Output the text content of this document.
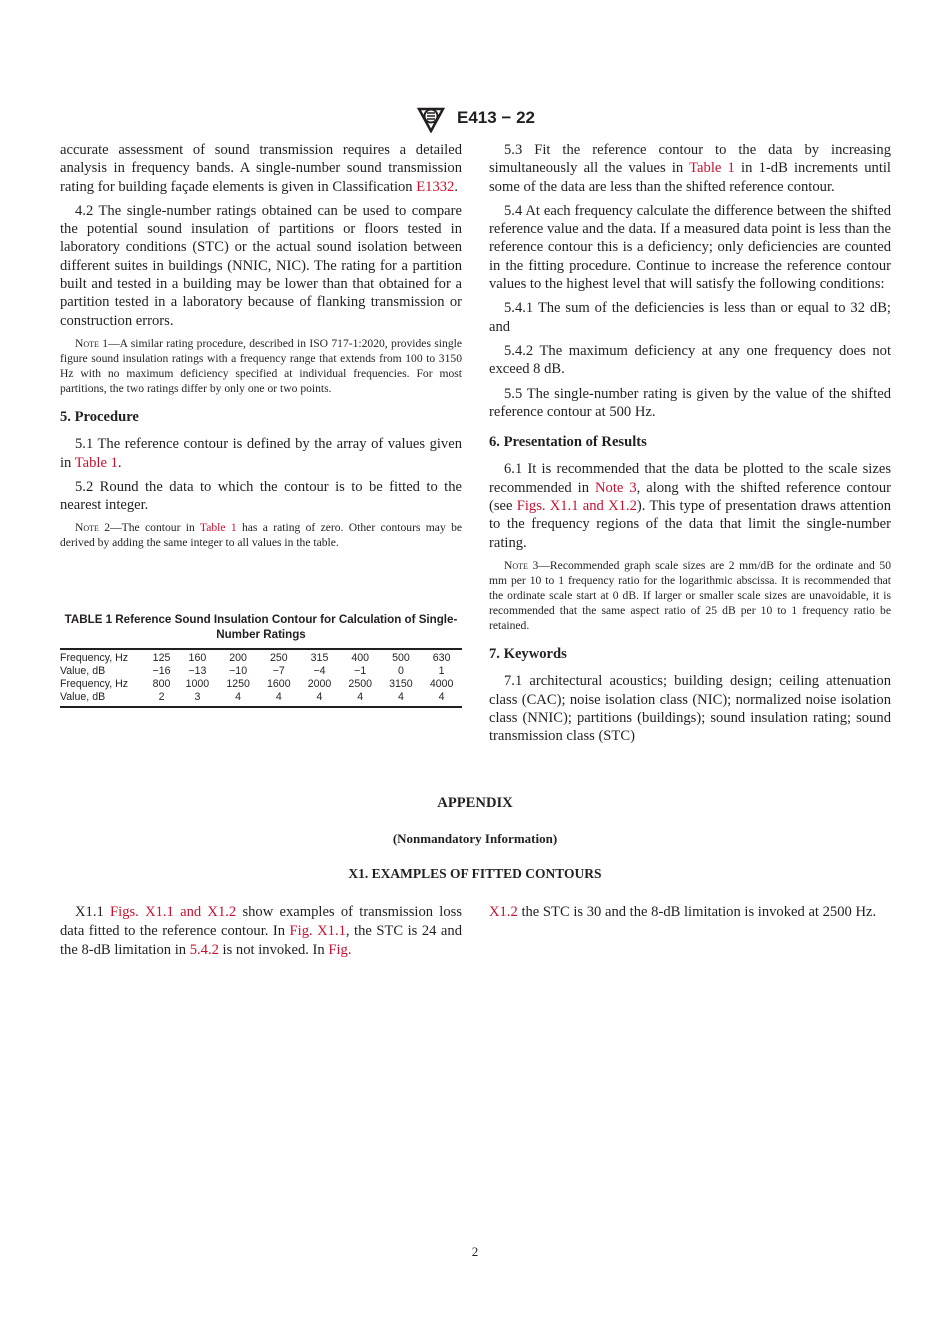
E413 − 22

accurate assessment of sound transmission requires a detailed analysis in frequency bands. A single-number sound transmission rating for building façade elements is given in Classification E1332.

4.2 The single-number ratings obtained can be used to compare the potential sound insulation of partitions or floors tested in laboratory conditions (STC) or the actual sound isolation between different suites in buildings (NNIC, NIC). The rating for a partition built and tested in a building may be lower than that obtained for a partition tested in a laboratory because of flanking transmission or construction errors.

Note 1—A similar rating procedure, described in ISO 717-1:2020, provides single figure sound insulation ratings with a frequency range that extends from 100 to 3150 Hz with no maximum deficiency specified at individual frequencies. For most partitions, the two ratings differ by only one or two points.
5. Procedure

5.1 The reference contour is defined by the array of values given in Table 1.

5.2 Round the data to which the contour is to be fitted to the nearest integer.

Note 2—The contour in Table 1 has a rating of zero. Other contours may be derived by adding the same integer to all values in the table.
TABLE 1 Reference Sound Insulation Contour for Calculation of Single-Number Ratings
Frequency, Hz	125	160	200	250	315	400	500	630
Value, dB	−16	−13	−10	−7	−4	−1	0	1
Frequency, Hz	800	1000	1250	1600	2000	2500	3150	4000
Value, dB	2	3	4	4	4	4	4	4

5.3 Fit the reference contour to the data by increasing simultaneously all the values in Table 1 in 1-dB increments until some of the data are less than the shifted reference contour.

5.4 At each frequency calculate the difference between the shifted reference value and the data. If a measured data point is less than the reference contour this is a deficiency; only deficiencies are counted in the fitting procedure. Continue to increase the reference contour values to the highest level that will satisfy the following conditions:

5.4.1 The sum of the deficiencies is less than or equal to 32 dB; and

5.4.2 The maximum deficiency at any one frequency does not exceed 8 dB.

5.5 The single-number rating is given by the value of the shifted reference contour at 500 Hz.

6. Presentation of Results

6.1 It is recommended that the data be plotted to the scale sizes recommended in Note 3, along with the shifted reference contour (see Figs. X1.1 and X1.2). This type of presentation draws attention to the frequency regions of the data that limit the single-number rating.

Note 3—Recommended graph scale sizes are 2 mm/dB for the ordinate and 50 mm per 10 to 1 frequency ratio for the logarithmic abscissa. It is recommended that the ordinate scale start at 0 dB. If larger or smaller scale sizes are unavoidable, it is recommended that the same aspect ratio of 25 dB per 10 to 1 frequency ratio be retained.
7. Keywords

7.1 architectural acoustics; building design; ceiling attenuation class (CAC); noise isolation class (NIC); normalized noise isolation class (NNIC); partitions (buildings); sound insulation rating; sound transmission class (STC)

APPENDIX
(Nonmandatory Information)
X1. EXAMPLES OF FITTED CONTOURS
X1.1 Figs. X1.1 and X1.2 show examples of transmission loss data fitted to the reference contour. In Fig. X1.1, the STC is 24 and the 8-dB limitation in 5.4.2 is not invoked. In Fig.
X1.2 the STC is 30 and the 8-dB limitation is invoked at 2500 Hz.
2
